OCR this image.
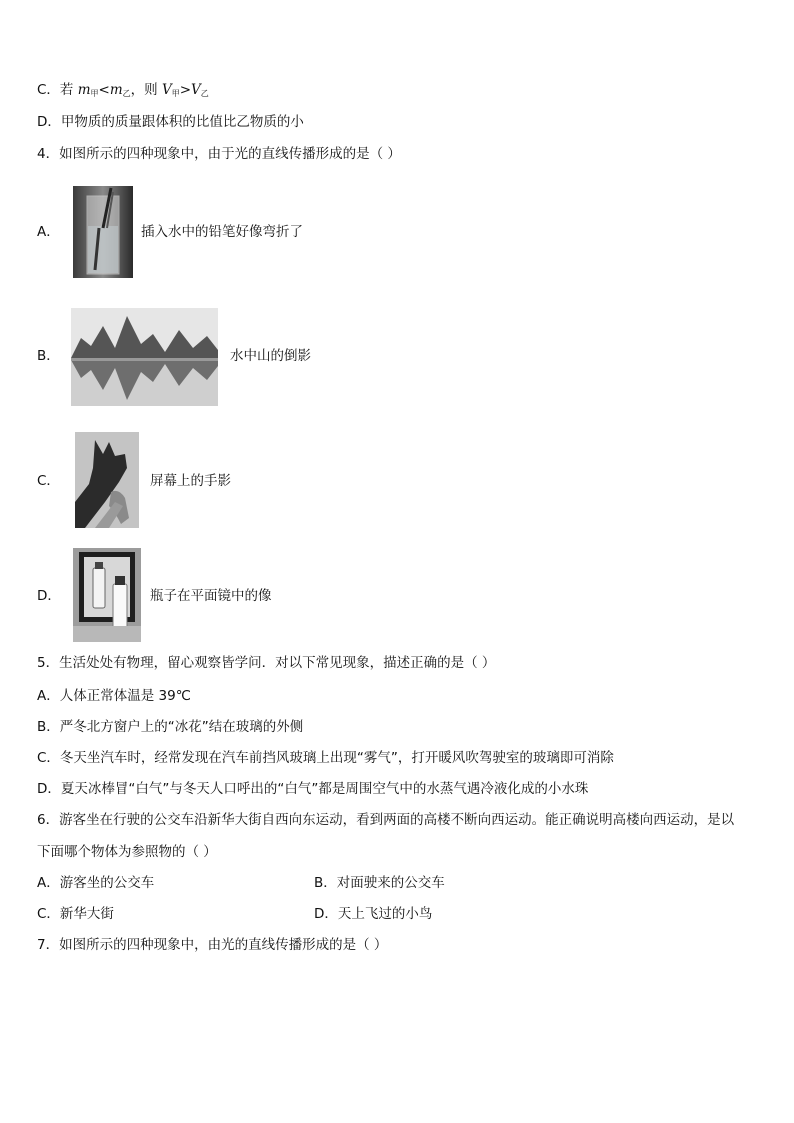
C．若 $m_甲<m_乙$，则 $V_甲>V_乙$
D．甲物质的质量跟体积的比值比乙物质的小
4．如图所示的四种现象中，由于光的直线传播形成的是（ ）
A．	插入水中的铅笔好像弯折了
B．	水中山的倒影
C．	屏幕上的手影
D．	瓶子在平面镜中的像
5．生活处处有物理，留心观察皆学问．对以下常见现象，描述正确的是（ ）
A．人体正常体温是 39℃
B．严冬北方窗户上的“冰花”结在玻璃的外侧
C．冬天坐汽车时，经常发现在汽车前挡风玻璃上出现“雾气”，打开暖风吹驾驶室的玻璃即可消除
D．夏天冰棒冒“白气”与冬天人口呼出的“白气”都是周围空气中的水蒸气遇冷液化成的小水珠
6．游客坐在行驶的公交车沿新华大街自西向东运动，看到两面的高楼不断向西运动。能正确说明高楼向西运动，是以
下面哪个物体为参照物的（ ）
A．游客坐的公交车	B．对面驶来的公交车
C．新华大街	D．天上飞过的小鸟
7．如图所示的四种现象中，由光的直线传播形成的是（ ）
